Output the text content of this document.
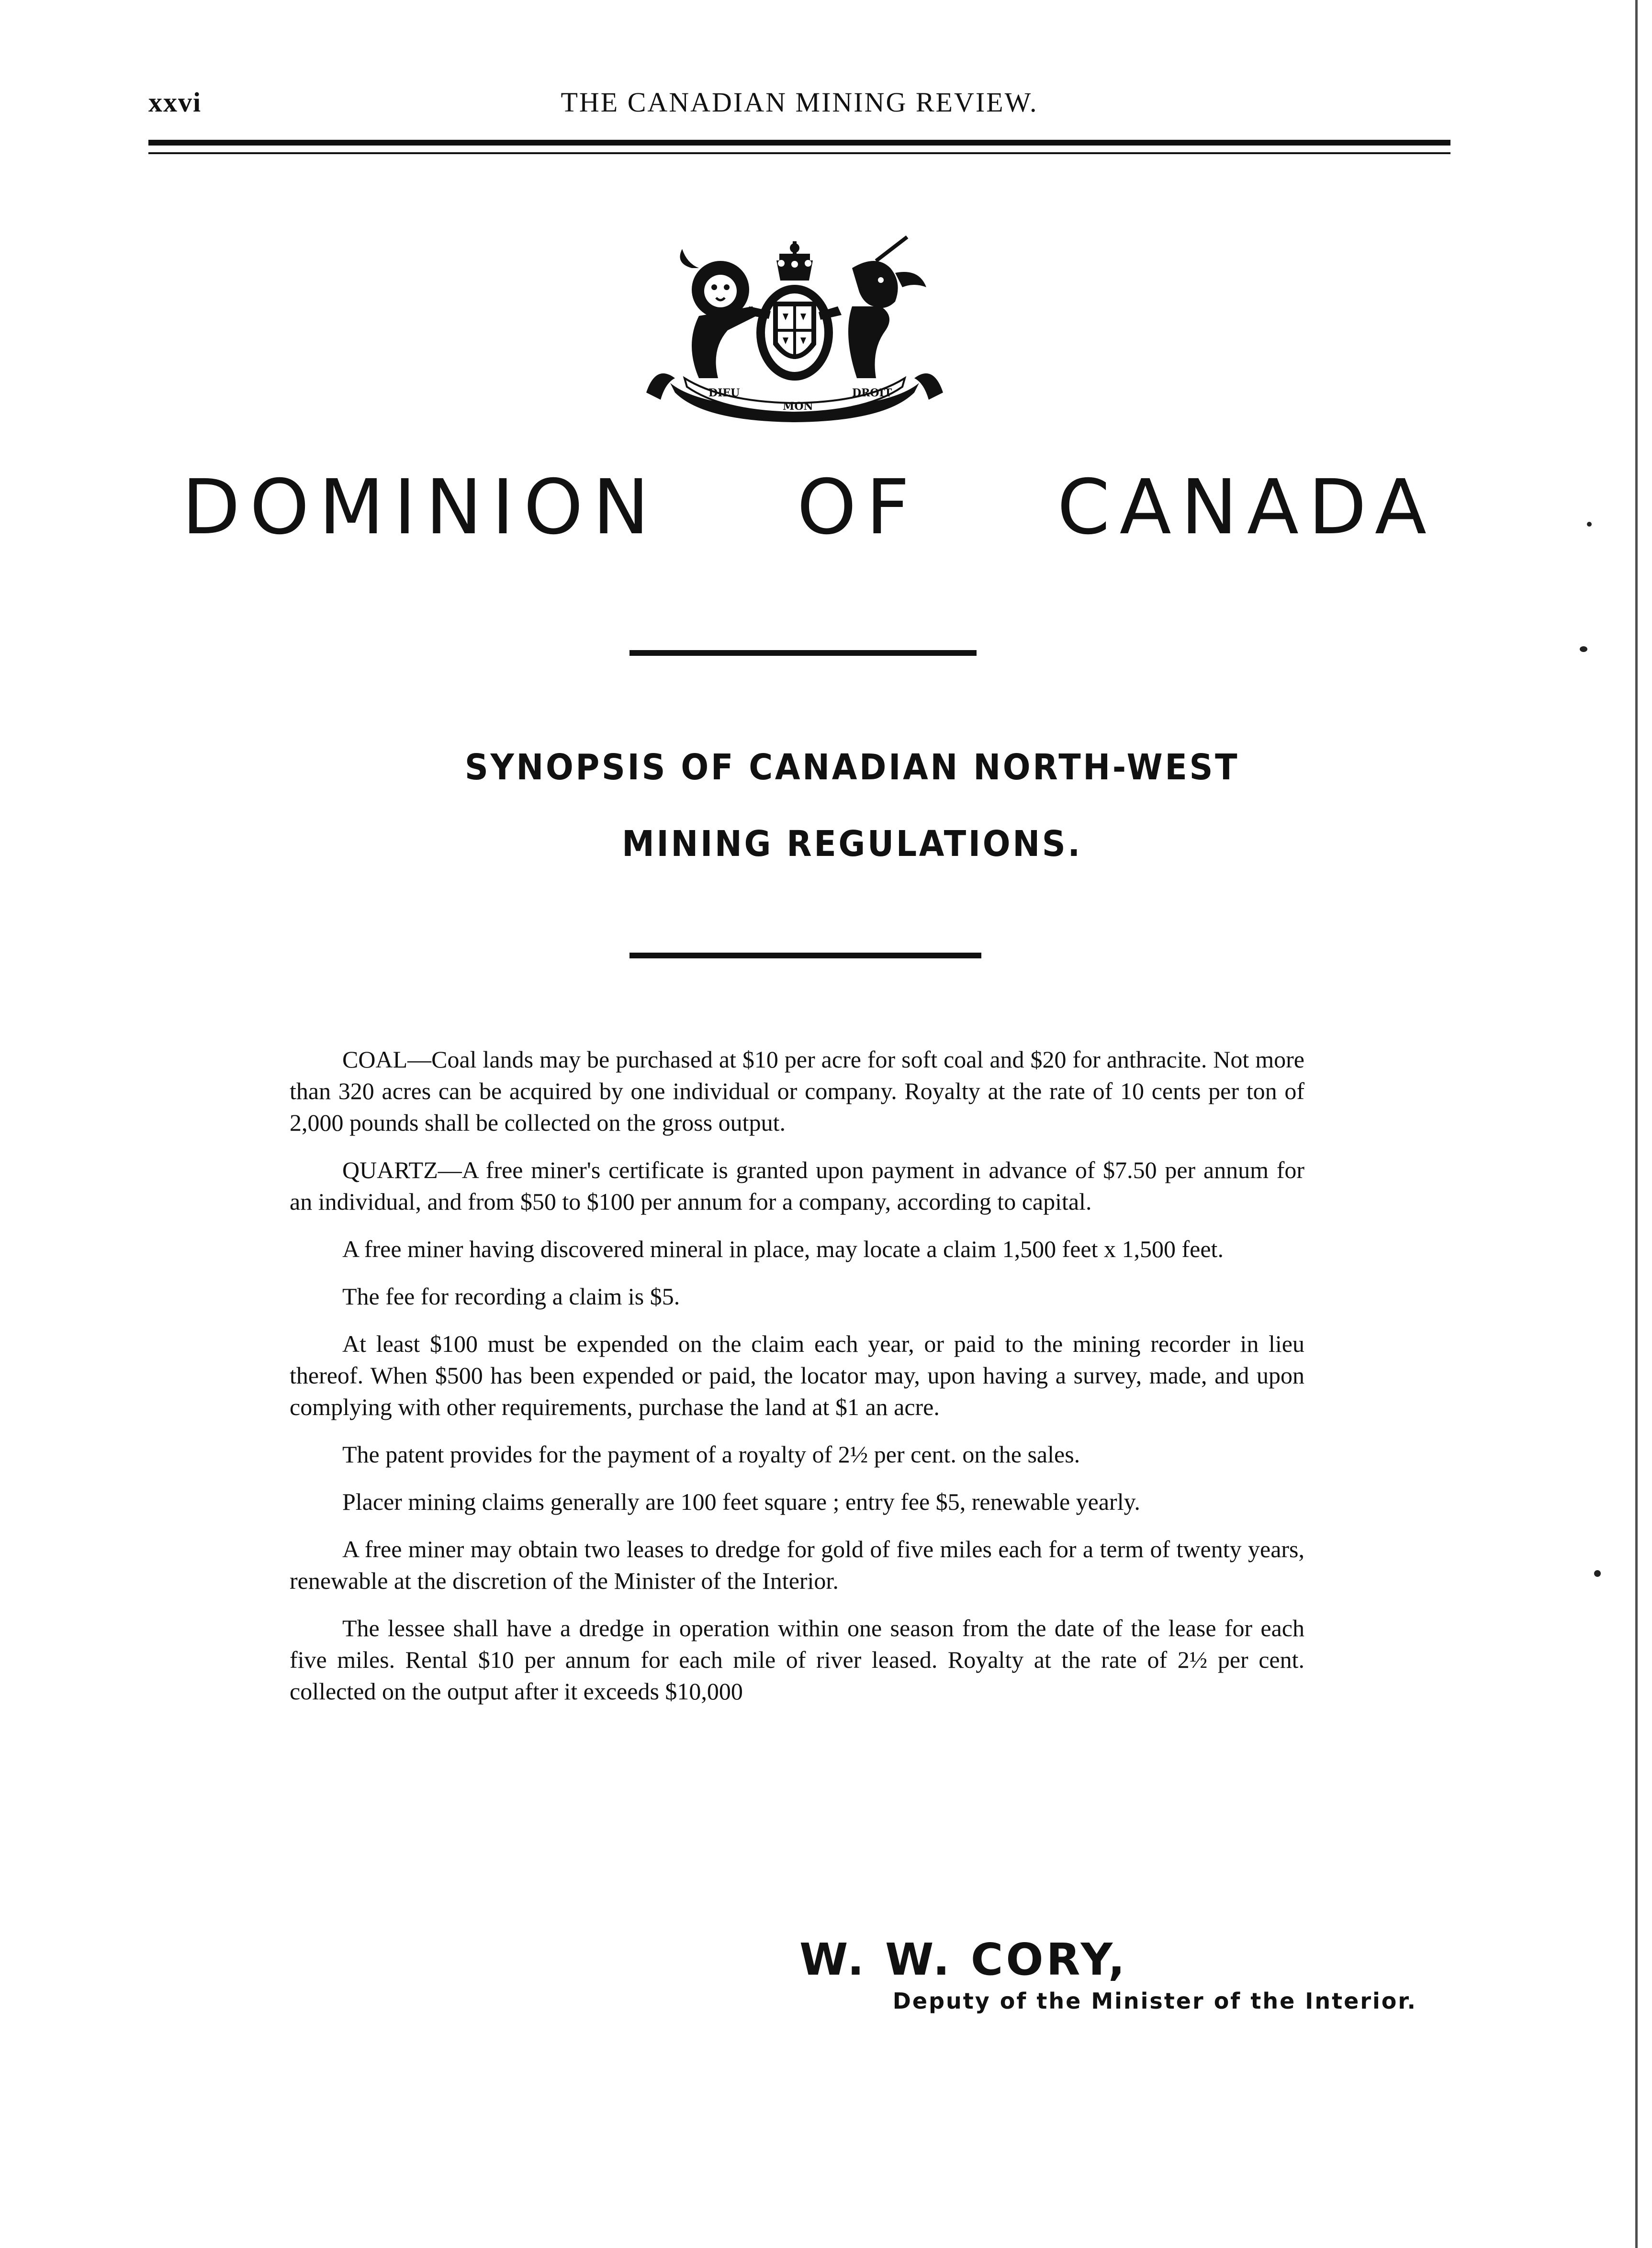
xxvi	THE CANADIAN MINING REVIEW.
DIEU
MON
DROIT
DOMINION OF CANADA
SYNOPSIS OF CANADIAN NORTH-WEST
MINING REGULATIONS.

COAL—Coal lands may be purchased at $10 per acre for soft coal and $20 for anthracite. Not more than 320 acres can be acquired by one individual or company. Royalty at the rate of 10 cents per ton of 2,000 pounds shall be collected on the gross output.

QUARTZ—A free miner's certificate is granted upon payment in advance of $7.50 per annum for an individual, and from $50 to $100 per annum for a company, according to capital.

A free miner having discovered mineral in place, may locate a claim 1,500 feet x 1,500 feet.

The fee for recording a claim is $5.

At least $100 must be expended on the claim each year, or paid to the mining recorder in lieu thereof. When $500 has been expended or paid, the locator may, upon having a survey, made, and upon complying with other requirements, purchase the land at $1 an acre.

The patent provides for the payment of a royalty of 2½ per cent. on the sales.

Placer mining claims generally are 100 feet square ; entry fee $5, renewable yearly.

A free miner may obtain two leases to dredge for gold of five miles each for a term of twenty years, renewable at the discretion of the Minister of the Interior.

The lessee shall have a dredge in operation within one season from the date of the lease for each five miles. Rental $10 per annum for each mile of river leased. Royalty at the rate of 2½ per cent. collected on the output after it exceeds $10,000

W. W. CORY,
Deputy of the Minister of the Interior.
